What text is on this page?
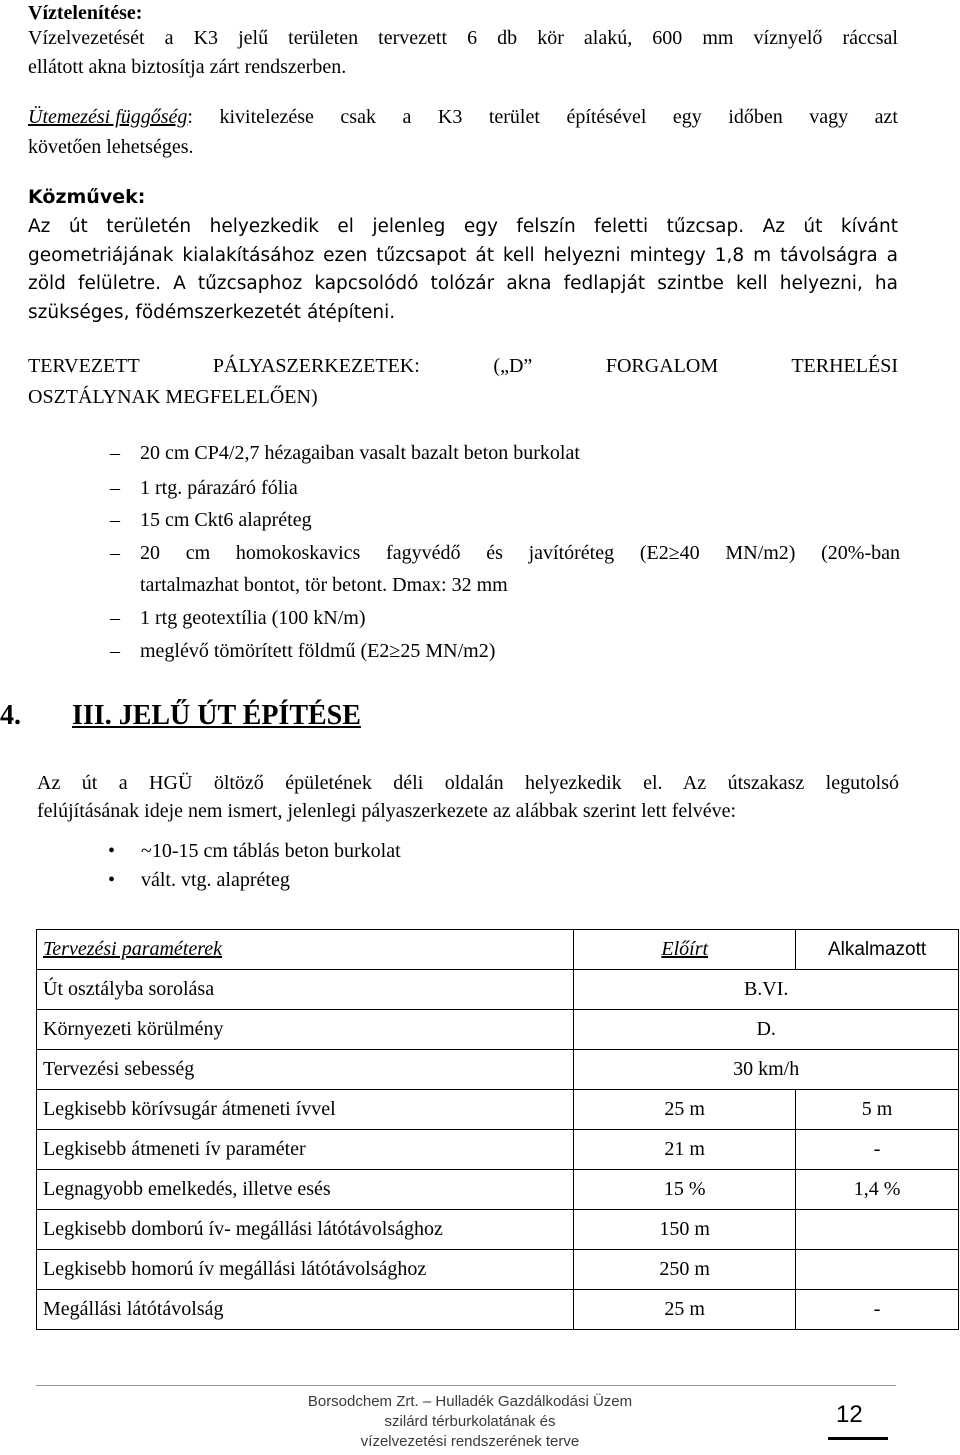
Víztelenítése:
Vízelvezetését a K3 jelű területen tervezett 6 db kör alakú, 600 mm víznyelő ráccsal
ellátott akna biztosítja zárt rendszerben.
Ütemezési függőség : kivitelezése csak a K3 terület építésével egy időben vagy azt
követően lehetséges.
Közművek:
Az út területén helyezkedik el jelenleg egy felszín feletti tűzcsap. Az út kívánt
geometriájának kialakításához ezen tűzcsapot át kell helyezni mintegy 1,8 m távolságra a
zöld felületre. A tűzcsaphoz kapcsolódó tolózár akna fedlapját szintbe kell helyezni, ha
szükséges, födémszerkezetét átépíteni.
TERVEZETT PÁLYASZERKEZETEK: („D” FORGALOM TERHELÉSI
OSZTÁLYNAK MEGFELELŐEN)
– 20 cm CP4/2,7 hézagaiban vasalt bazalt beton burkolat
– 1 rtg. párazáró fólia
– 15 cm Ckt6 alapréteg
– 20 cm homokoskavics fagyvédő és javítóréteg (E2≥40 MN/m2) (20%-ban
tartalmazhat bontot, tör betont. Dmax: 32 mm
– 1 rtg geotextília (100 kN/m)
– meglévő tömörített földmű (E2≥25 MN/m2)
4. III. JELŰ ÚT ÉPÍTÉSE
Az út a HGÜ öltöző épületének déli oldalán helyezkedik el. Az útszakasz legutolsó
felújításának ideje nem ismert, jelenlegi pályaszerkezete az alábbak szerint lett felvéve:
• ~10-15 cm táblás beton burkolat
• vált. vtg. alapréteg
Tervezési paraméterek	Előírt	Alkalmazott
Út osztályba sorolása	B.VI.	
Környezeti körülmény	D.	
Tervezési sebesség	30 km/h	
Legkisebb körívsugár átmeneti ívvel	25 m	5 m
Legkisebb átmeneti ív paraméter	21 m	-
Legnagyobb emelkedés, illetve esés	15 %	1,4 %
Legkisebb domború ív- megállási látótávolsághoz	150 m	
Legkisebb homorú ív megállási látótávolsághoz	250 m	
Megállási látótávolság	25 m	-
Borsodchem Zrt. – Hulladék Gazdálkodási Üzem
szilárd térburkolatának és
vízelvezetési rendszerének terve
12
